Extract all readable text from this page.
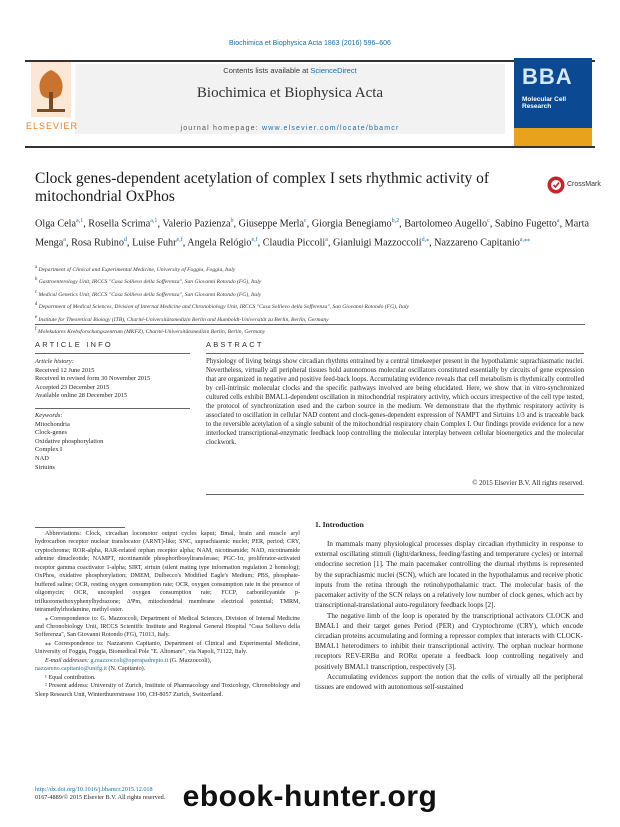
Biochimica et Biophysica Acta 1863 (2016) 596–606
Contents lists available at ScienceDirect
Biochimica et Biophysica Acta
journal homepage: www.elsevier.com/locate/bbamcr
ELSEVIER
BBA
Molecular Cell Research
Clock genes-dependent acetylation of complex I sets rhythmic activity of mitochondrial OxPhos
CrossMark
Olga Cela$^{a,1}$, Rosella Scrima$^{a,1}$, Valerio Pazienza$^b$, Giuseppe Merla$^c$, Giorgia Benegiamo$^{b,2}$, Bartolomeo Augello$^c$, Sabino Fugetto$^a$, Marta Menga$^a$, Rosa Rubino$^d$, Luise Fuhr$^{e,f}$, Angela Relógio$^{e,f}$, Claudia Piccoli$^a$, Gianluigi Mazzoccoli$^{d,⁎}$, Nazzareno Capitanio$^{a,⁎⁎}$
$^a$ Department of Clinical and Experimental Medicine, University of Foggia, Foggia, Italy
$^b$ Gastroenterology Unit, IRCCS "Casa Sollievo della Sofferenza", San Giovanni Rotondo (FG), Italy
$^c$ Medical Genetics Unit, IRCCS "Casa Sollievo della Sofferenza", San Giovanni Rotondo (FG), Italy
$^d$ Department of Medical Sciences, Division of Internal Medicine and Chronobiology Unit, IRCCS "Casa Sollievo della Sofferenza", San Giovanni Rotondo (FG), Italy
$^e$ Institute for Theoretical Biology (ITB), Charité-Universitätsmedizin Berlin and Humboldt-Universität zu Berlin, Berlin, Germany
$^f$ Molekulares Krebsforschungszentrum (MKFZ), Charité-Universitätsmedizin Berlin, Berlin, Germany
ARTICLE INFO

Article history:

Received 12 June 2015

Received in revised form 30 November 2015

Accepted 23 December 2015

Available online 28 December 2015

Keywords:

Mitochondria

Clock-genes

Oxidative phosphorylation

Complex I

NAD

Sirtuins

ABSTRACT
Physiology of living beings show circadian rhythms entrained by a central timekeeper present in the hypothalamic suprachiasmatic nuclei. Nevertheless, virtually all peripheral tissues hold autonomous molecular oscillators constituted essentially by circuits of gene expression that are organized in negative and positive feed-back loops. Accumulating evidence reveals that cell metabolism is rhythmically controlled by cell-intrinsic molecular clocks and the specific pathways involved are being elucidated. Here, we show that in vitro-synchronized cultured cells exhibit BMAL1-dependent oscillation in mitochondrial respiratory activity, which occurs irrespective of the cell type tested, the protocol of synchronization used and the carbon source in the medium. We demonstrate that the rhythmic respiratory activity is associated to oscillation in cellular NAD content and clock-genes-dependent expression of NAMPT and Sirtuins 1/3 and is traceable back to the reversible acetylation of a single subunit of the mitochondrial respiratory chain Complex I. Our findings provide evidence for a new interlocked transcriptional-enzymatic feedback loop controlling the molecular interplay between cellular bioenergetics and the molecular clockwork.
© 2015 Elsevier B.V. All rights reserved.

Abbreviations: Clock, circadian locomotor output cycles kaput; Bmal, brain and muscle aryl hydrocarbon receptor nuclear translocator (ARNT)-like; SNC, suprachiasmic nuclei; PER, period; CRY, cryptochrome; ROR-alpha, RAR-related orphan receptor alpha; NAM, nicotinamide; NAD, nicotinamide adenine dinucleotide; NAMPT, nicotinamide phosphoribosyltransferase; PGC-1α, proliferator-activated receptor gamma coactivator 1-alpha; SIRT, sirtuin (silent mating type information regulation 2 homolog); OxPhos, oxidative phosphorylation; DMEM, Dulbecco's Modified Eagle's Medium; PBS, phosphate-buffered saline; OCR, resting oxygen consumption rate; OCR, oxygen consumption rate in the presence of oligomycin; OCR, uncoupled oxygen consumption rate; FCCP, carbonilcyanide p-trifluoromethoxyphenylhydrazone; ΔΨm, mitochondrial membrane electrical potential; TMRM, tetramethylrhodamine, methyl ester.

⁎ Correspondence to: G. Mazzoccoli, Department of Medical Sciences, Division of Internal Medicine and Chronobiology Unit, IRCCS Scientific Institute and Regional General Hospital "Casa Sollievo della Sofferenza", San Giovanni Rotondo (FG), 71013, Italy.

⁎⁎ Correspondence to: Nazzareno Capitanio, Department of Clinical and Experimental Medicine, University of Foggia, Foggia, Biomedical Pole "E. Altomare", via Napoli, 71122, Italy.

E-mail addresses: g.mazzoccoli@operapadrepio.it (G. Mazzoccoli),
nazzareno.capitanio@unifg.it (N. Capitanio).

¹ Equal contribution.

² Present address: University of Zurich, Institute of Pharmacology and Toxicology, Chronobiology and Sleep Research Unit, Winterthurerstrasse 190, CH-8057 Zurich, Switzerland.

1. Introduction

In mammals many physiological processes display circadian rhythmicity in response to external oscillating stimuli (light/darkness, feeding/fasting and temperature cycles) or internal endocrine secretion [1]. The main pacemaker controlling the diurnal rhythms is represented by the suprachiasmic nuclei (SCN), which are located in the hypothalamus and receive photic inputs from the retina through the retinohypothalamic tract. The molecular basis of the pacemaker activity of the SCN relays on a relatively low number of clock genes, which act by transcriptional-translational auto-regulatory feedback loops [2].

The negative limb of the loop is operated by the transcriptional activators CLOCK and BMAL1 and their target genes Period (PER) and Cryptochrome (CRY), which encode circadian proteins accumulating and forming a repressor complex that interacts with CLOCK-BMAL1 heterodimers to inhibit their transcriptional activity. The orphan nuclear hormone receptors REV-ERBα and RORα operate a feedback loop controlling negatively and positively BMAL1 transcription, respectively [3].

Accumulating evidences support the notion that the cells of virtually all the peripheral tissues are endowed with autonomous self-sustained

http://dx.doi.org/10.1016/j.bbamcr.2015.12.018
0167-4889/© 2015 Elsevier B.V. All rights reserved. ebook-hunter.org
